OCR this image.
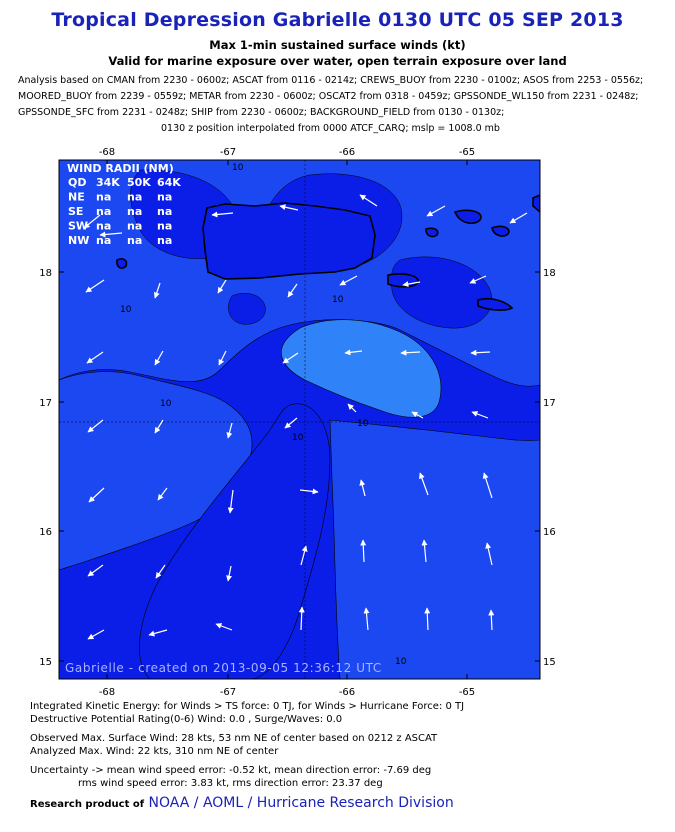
Tropical Depression Gabrielle 0130 UTC 05 SEP 2013
Max 1-min sustained surface winds (kt)
Valid for marine exposure over water, open terrain exposure over land
Analysis based on CMAN from 2230 - 0600z; ASCAT from 0116 - 0214z; CREWS_BUOY from 2230 - 0100z; ASOS from 2253 - 0556z;
MOORED_BUOY from 2239 - 0559z; METAR from 2230 - 0600z; OSCAT2 from 0318 - 0459z; GPSSONDE_WL150 from 2231 - 0248z;
GPSSONDE_SFC from 2231 - 0248z; SHIP from 2230 - 0600z; BACKGROUND_FIELD from 0130 - 0130z;
0130 z position interpolated from 0000 ATCF_CARQ; mslp = 1008.0 mb
10
10
10
10
10
10
10
-68	-67	-66	-65
-68	-67	-66	-65
18
17
16
15
18
17
16
15
WIND RADII (NM)
QD 34K 50K 64K
NE na na na
SE na na na
SW na na na
NW na na na
Gabrielle - created on 2013-09-05 12:36:12 UTC
Integrated Kinetic Energy: for Winds > TS force: 0 TJ, for Winds > Hurricane Force: 0 TJ
Destructive Potential Rating(0-6) Wind: 0.0 , Surge/Waves: 0.0
Observed Max. Surface Wind: 28 kts, 53 nm NE of center based on 0212 z ASCAT
Analyzed Max. Wind: 22 kts, 310 nm NE of center
Uncertainty -> mean wind speed error: -0.52 kt, mean direction error: -7.69 deg
rms wind speed error: 3.83 kt, rms direction error: 23.37 deg
Research product of NOAA / AOML / Hurricane Research Division
